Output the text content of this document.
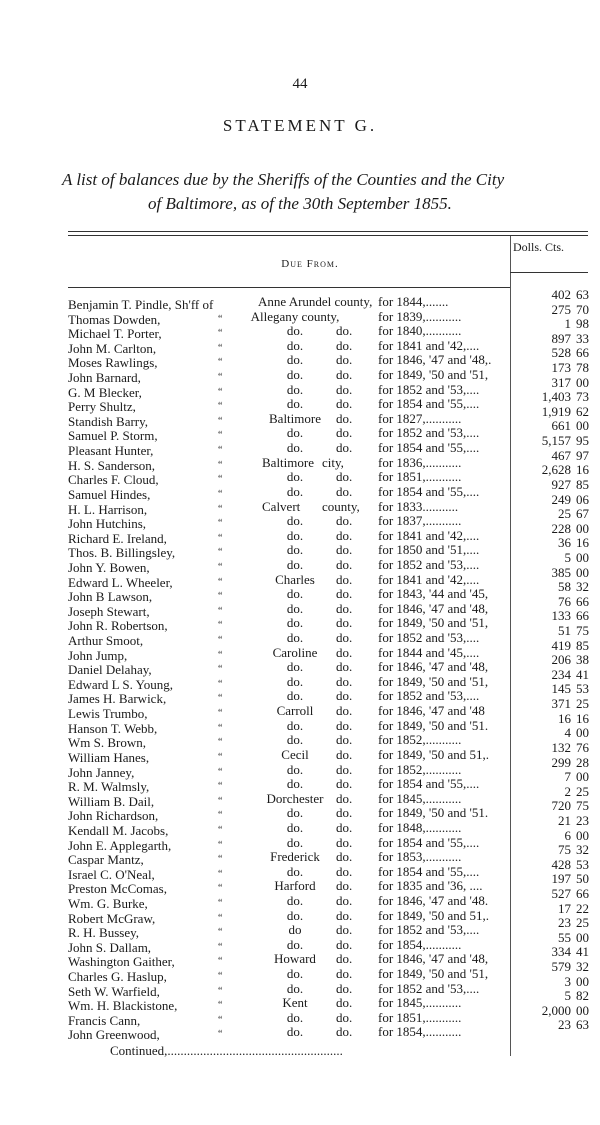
44
STATEMENT G.
A list of balances due by the Sheriffs of the Counties and the City
of Baltimore, as of the 30th September 1855.
Due From.
Dolls. Cts.
Benjamin T. Pindle, Sh'ff of	Anne Arundel county, for 1844,.......	402 63
Thomas Dowden,	“	Allegany county,	for 1839,...........	275 70
Michael T. Porter,	“	do.	do.	for 1840,...........	1 98
John M. Carlton,	“	do.	do.	for 1841 and '42,....	897 33
Moses Rawlings,	“	do.	do.	for 1846, '47 and '48,.	528 66
John Barnard,	“	do.	do.	for 1849, '50 and '51,	173 78
G. M Blecker,	“	do.	do.	for 1852 and '53,....	317 00
Perry Shultz,	“	do.	do.	for 1854 and '55,....	1,403 73
Standish Barry,	“	Baltimore	do.	for 1827,...........	1,919 62
Samuel P. Storm,	“	do.	do.	for 1852 and '53,....	661 00
Pleasant Hunter,	“	do.	do.	for 1854 and '55,....	5,157 95
H. S. Sanderson,	“	Baltimore city,	for 1836,...........	467 97
Charles F. Cloud,	“	do.	do.	for 1851,...........	2,628 16
Samuel Hindes,	“	do.	do.	for 1854 and '55,....	927 85
H. L. Harrison,	“	Calvert	county, for 1833...........	249 06
John Hutchins,	“	do.	do.	for 1837,...........	25 67
Richard E. Ireland,	“	do.	do.	for 1841 and '42,....	228 00
Thos. B. Billingsley,	“	do.	do.	for 1850 and '51,....	36 16
John Y. Bowen,	“	do.	do.	for 1852 and '53,....	5 00
Edward L. Wheeler,	“	Charles	do.	for 1841 and '42,....	385 00
John B Lawson,	“	do.	do.	for 1843, '44 and '45,	58 32
Joseph Stewart,	“	do.	do.	for 1846, '47 and '48,	76 66
John R. Robertson,	“	do.	do.	for 1849, '50 and '51,	133 66
Arthur Smoot,	“	do.	do.	for 1852 and '53,....	51 75
John Jump,	“	Caroline	do.	for 1844 and '45,....	419 85
Daniel Delahay,	“	do.	do.	for 1846, '47 and '48,	206 38
Edward L S. Young,	“	do.	do.	for 1849, '50 and '51,	234 41
James H. Barwick,	“	do.	do.	for 1852 and '53,....	145 53
Lewis Trumbo,	“	Carroll	do.	for 1846, '47 and '48	371 25
Hanson T. Webb,	“	do.	do.	for 1849, '50 and '51.	16 16
Wm S. Brown,	“	do.	do.	for 1852,...........	4 00
William Hanes,	“	Cecil	do.	for 1849, '50 and 51,.	132 76
John Janney,	“	do.	do.	for 1852,...........	299 28
R. M. Walmsly,	“	do.	do.	for 1854 and '55,....	7 00
William B. Dail,	“	Dorchester do.	for 1845,...........	2 25
John Richardson,	“	do.	do.	for 1849, '50 and '51.	720 75
Kendall M. Jacobs,	“	do.	do.	for 1848,...........	21 23
John E. Applegarth,	“	do.	do.	for 1854 and '55,....	6 00
Caspar Mantz,	“	Frederick	do.	for 1853,...........	75 32
Israel C. O'Neal,	“	do.	do.	for 1854 and '55,....	428 53
Preston McComas,	“	Harford	do.	for 1835 and '36, ....	197 50
Wm. G. Burke,	“	do.	do.	for 1846, '47 and '48.	527 66
Robert McGraw,	“	do.	do.	for 1849, '50 and 51,.	17 22
R. H. Bussey,	“	do	do.	for 1852 and '53,....	23 25
John S. Dallam,	“	do.	do.	for 1854,...........	55 00
Washington Gaither,	“	Howard	do.	for 1846, '47 and '48,	334 41
Charles G. Haslup,	“	do.	do.	for 1849, '50 and '51,	579 32
Seth W. Warfield,	“	do.	do.	for 1852 and '53,....	3 00
Wm. H. Blackistone,	“	Kent	do.	for 1845,...........	5 82
Francis Cann,	“	do.	do.	for 1851,...........	2,000 00
John Greenwood,	“	do.	do.	for 1854,...........	23 63
Continued,......................................................
